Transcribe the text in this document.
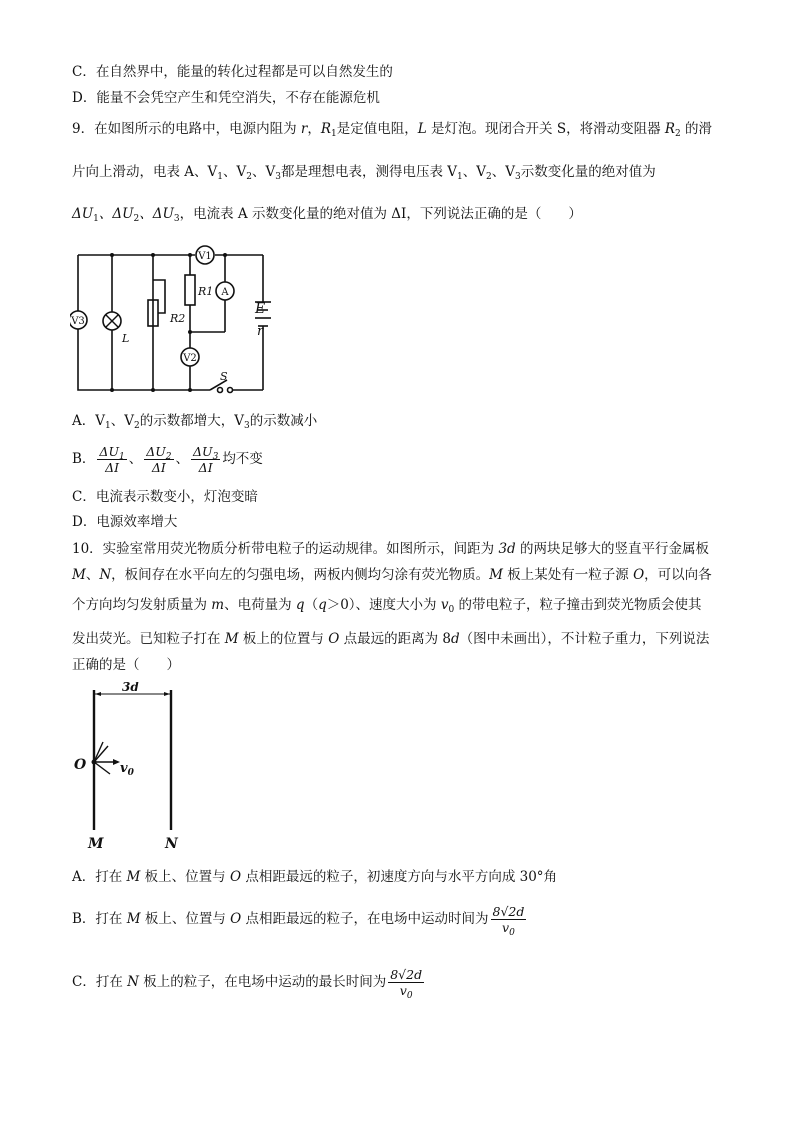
C．在自然界中，能量的转化过程都是可以自然发生的
D．能量不会凭空产生和凭空消失，不存在能源危机
9．在如图所示的电路中，电源内阻为 r，$R_1$是定值电阻，L 是灯泡。现闭合开关 S，将滑动变阻器 $R_2$ 的滑
片向上滑动，电表 A、$V_1$、$V_2$、$V_3$都是理想电表，测得电压表 $V_1$、$V_2$、$V_3$示数变化量的绝对值为
$\Delta U_1$、$\Delta U_2$、$\Delta U_3$，电流表 A 示数变化量的绝对值为 ΔI，下列说法正确的是（　　）
V1
A
V2
V3	R2
R1
L
E
r
S
A．$V_1$、$V_2$的示数都增大，$V_3$的示数减小
B． $\frac{\Delta U_1}{\Delta I}$ 、 $\frac{\Delta U_2}{\Delta I}$ 、 $\frac{\Delta U_3}{\Delta I}$ 均不变
C．电流表示数变小，灯泡变暗
D．电源效率增大
10．实验室常用荧光物质分析带电粒子的运动规律。如图所示，间距为 3d 的两块足够大的竖直平行金属板
M、N，板间存在水平向左的匀强电场，两板内侧均匀涂有荧光物质。M 板上某处有一粒子源 O，可以向各
个方向均匀发射质量为 m、电荷量为 q（q＞0）、速度大小为 $v_0$ 的带电粒子，粒子撞击到荧光物质会使其
发出荧光。已知粒子打在 M 板上的位置与 O 点最远的距离为 8d（图中未画出），不计粒子重力，下列说法
正确的是（　　）
3d
O	$v_0$
M	N
A．打在 M 板上、位置与 O 点相距最远的粒子，初速度方向与水平方向成 30°角
B．打在 M 板上、位置与 O 点相距最远的粒子，在电场中运动时间为 $\frac{8√2d}{v_0}$
C．打在 N 板上的粒子，在电场中运动的最长时间为 $\frac{8√2d}{v_0}$
